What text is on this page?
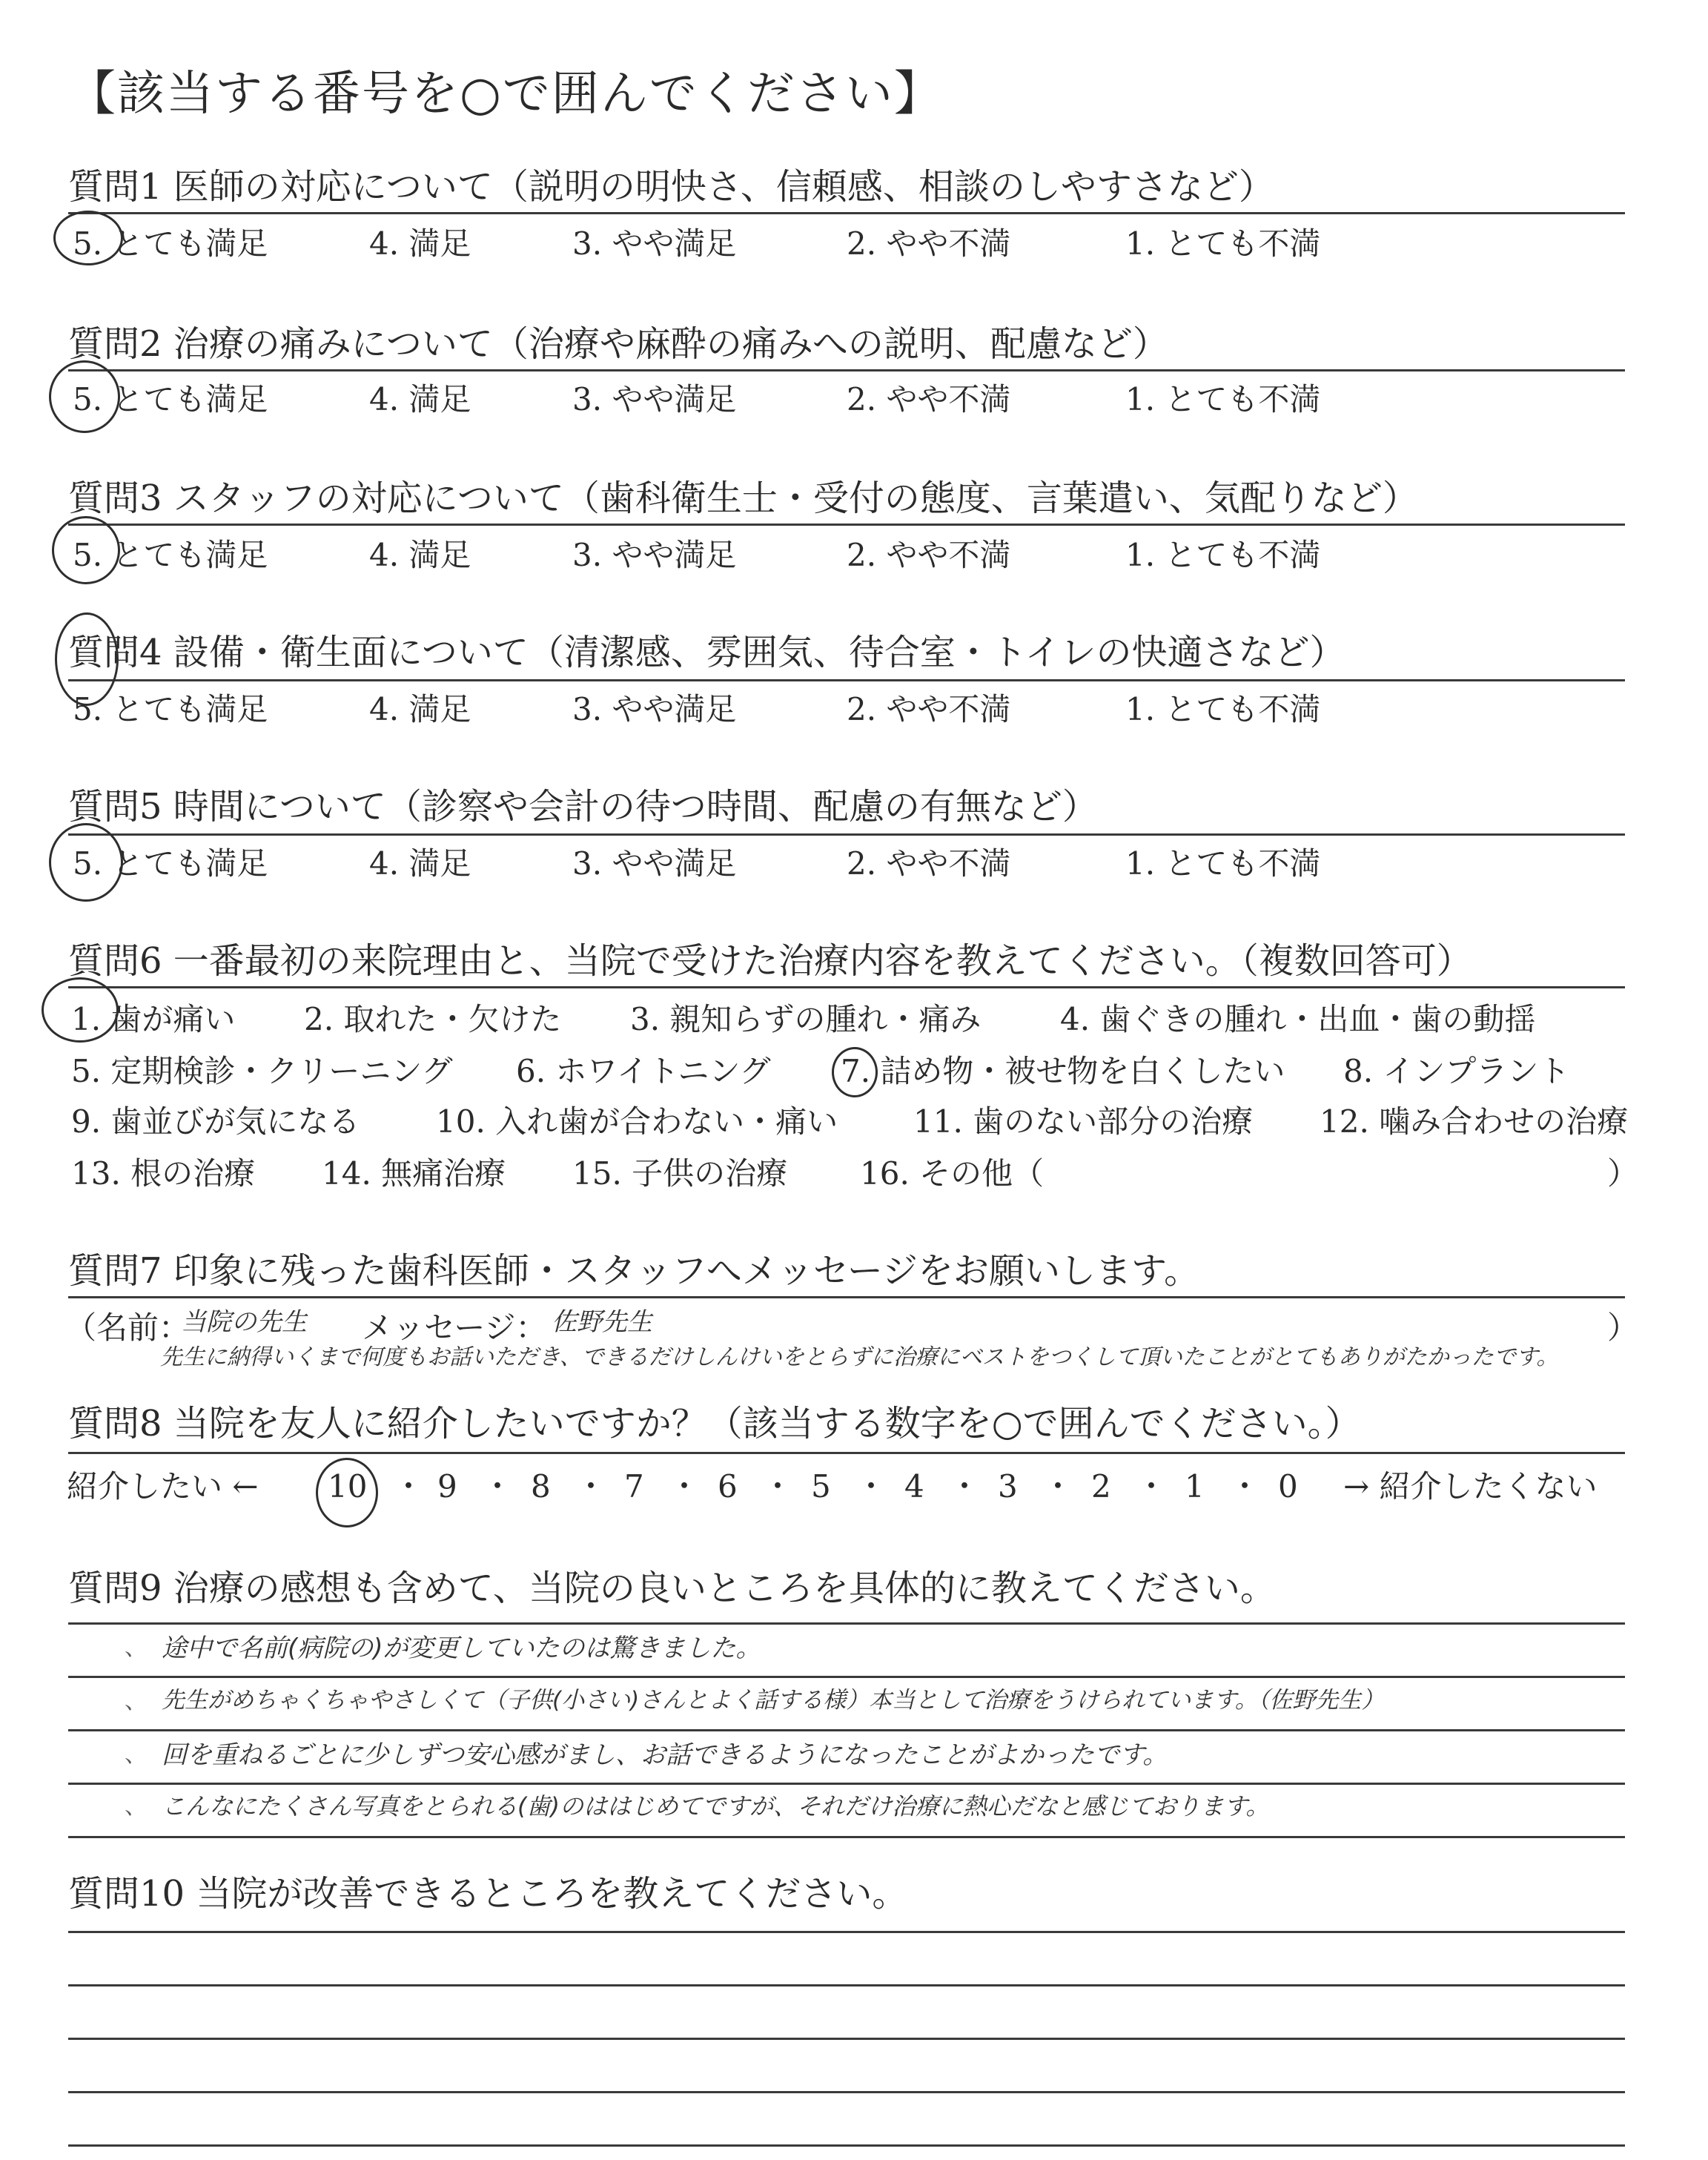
【該当する番号を○で囲んでください】
質問1 医師の対応について（説明の明快さ、信頼感、相談のしやすさなど）
5. とても満足	4. 満足	3. やや満足	2. やや不満	1. とても不満
質問2 治療の痛みについて（治療や麻酔の痛みへの説明、配慮など）
5. とても満足	4. 満足	3. やや満足	2. やや不満	1. とても不満
質問3 スタッフの対応について（歯科衛生士・受付の態度、言葉遣い、気配りなど）
5. とても満足	4. 満足	3. やや満足	2. やや不満	1. とても不満
質問4 設備・衛生面について（清潔感、雰囲気、待合室・トイレの快適さなど）
5. とても満足	4. 満足	3. やや満足	2. やや不満	1. とても不満
質問5 時間について（診察や会計の待つ時間、配慮の有無など）
5. とても満足	4. 満足	3. やや満足	2. やや不満	1. とても不満
質問6 一番最初の来院理由と、当院で受けた治療内容を教えてください。（複数回答可）
1. 歯が痛い 2. 取れた・欠けた 3. 親知らずの腫れ・痛み	4. 歯ぐきの腫れ・出血・歯の動揺
5. 定期検診・クリーニング 6. ホワイトニング 7. 詰め物・被せ物を白くしたい 8. インプラント
9. 歯並びが気になる 10. 入れ歯が合わない・痛い 11. 歯のない部分の治療 12. 噛み合わせの治療
13. 根の治療 14. 無痛治療 15. 子供の治療 16. その他（	）
質問7 印象に残った歯科医師・スタッフへメッセージをお願いします。
（名前：
当院の先生 メッセージ： 佐野先生	）
先生に納得いくまで何度もお話いただき、できるだけしんけいをとらずに治療にベストをつくして頂いたことがとてもありがたかったです。
質問8 当院を友人に紹介したいですか？（該当する数字を○で囲んでください。）
紹介したい ← 10 ・ 9 ・ 8 ・ 7 ・ 6 ・ 5 ・ 4 ・ 3 ・ 2 ・ 1 ・ 0 → 紹介したくない
質問9 治療の感想も含めて、当院の良いところを具体的に教えてください。
、 途中で名前(病院の)が変更していたのは驚きました。
、 先生がめちゃくちゃやさしくて（子供(小さい)さんとよく話する様）本当として治療をうけられています。（佐野先生）
、 回を重ねるごとに少しずつ安心感がまし、お話できるようになったことがよかったです。
、 こんなにたくさん写真をとられる(歯)のははじめてですが、それだけ治療に熱心だなと感じております。
質問10 当院が改善できるところを教えてください。
